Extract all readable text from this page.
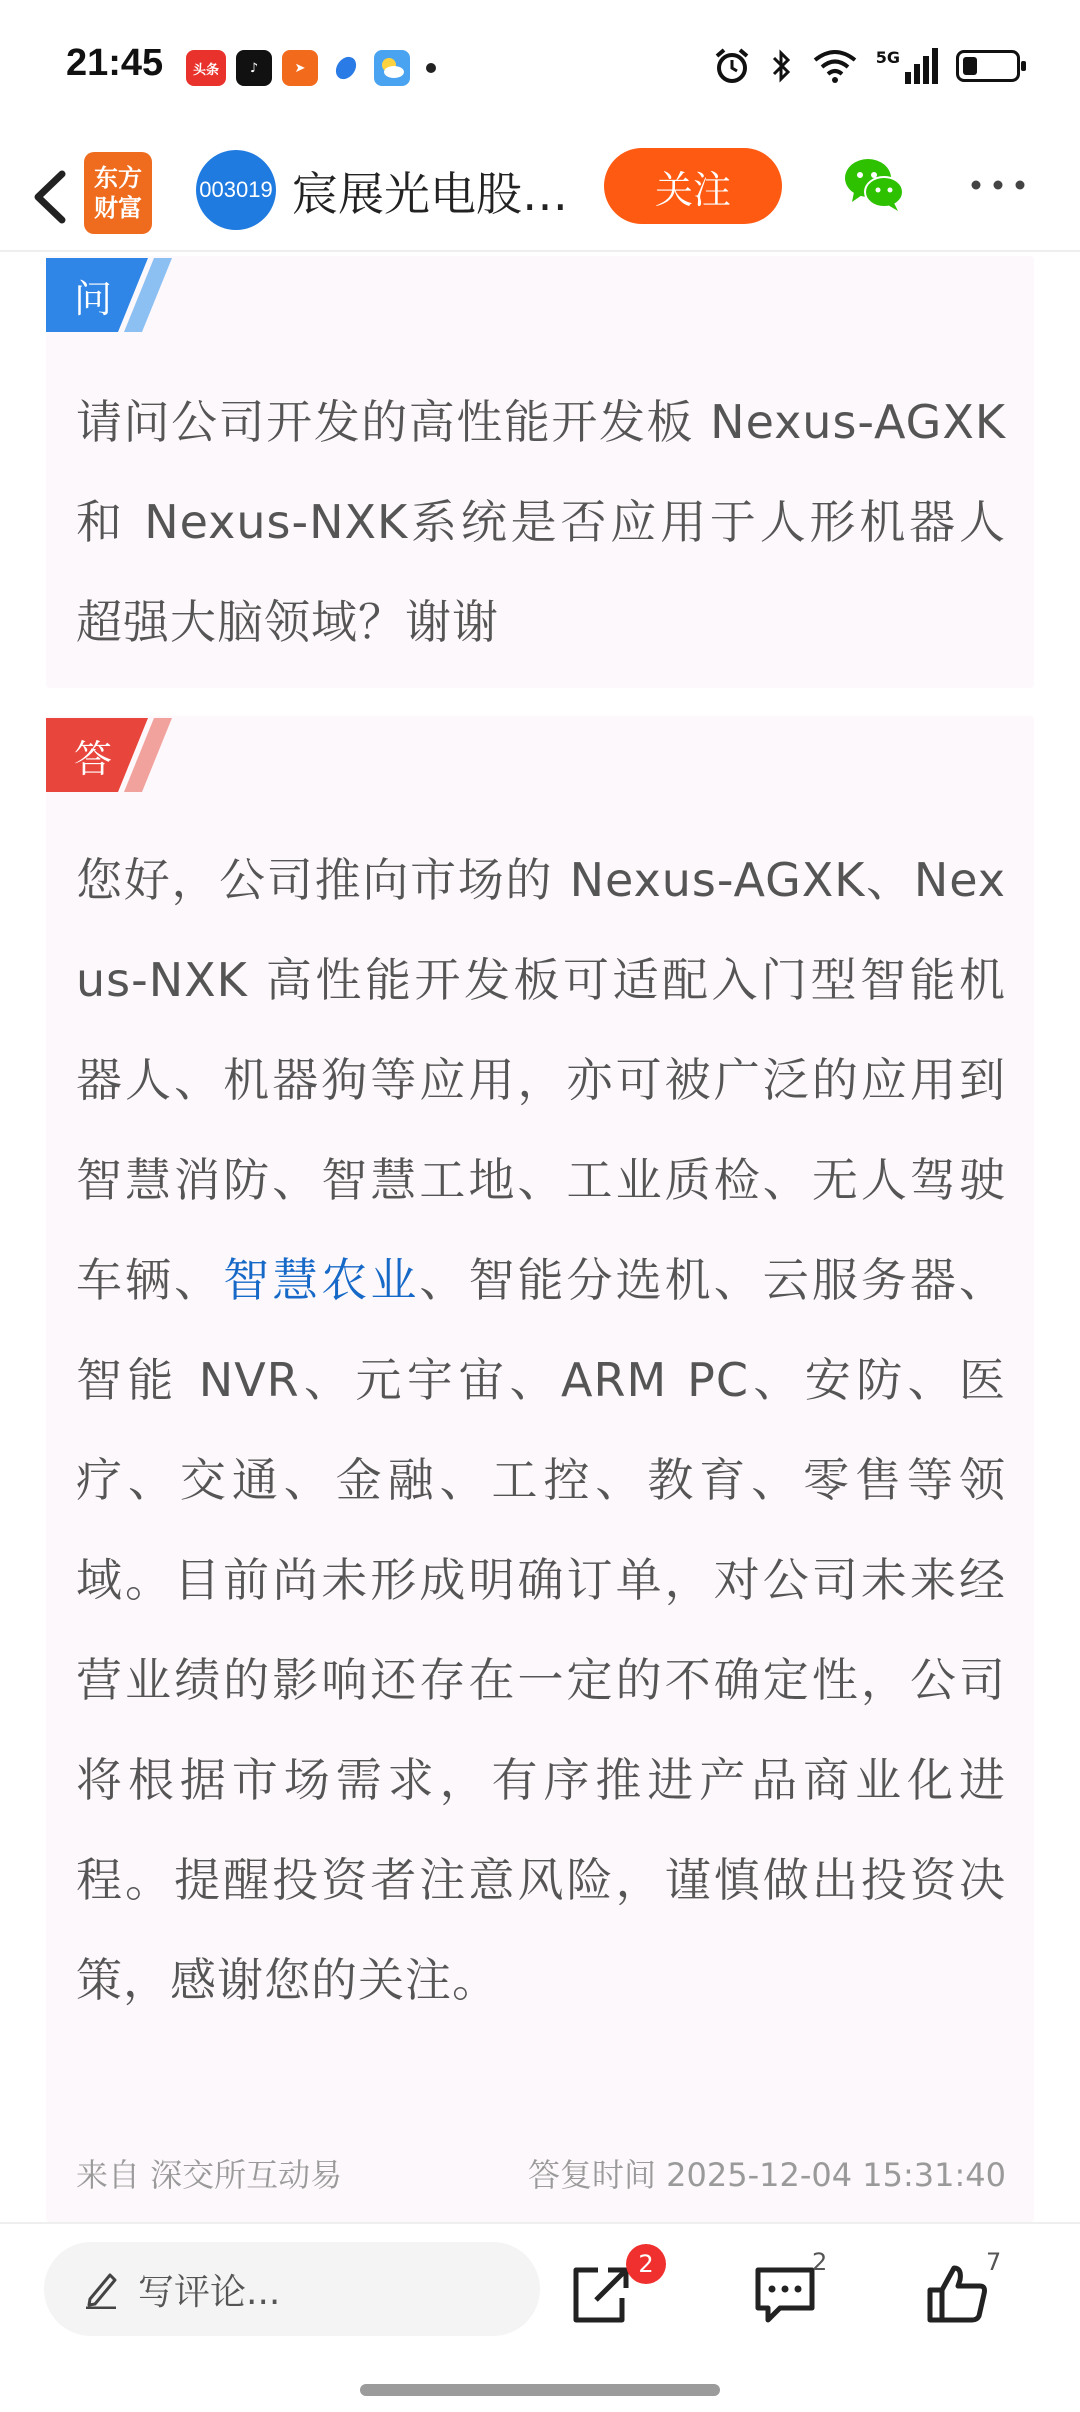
21:45	头条	♪	➤
5G
东方
财富
003019 宸展光电股…	关注
问
请问公司开发的高性能开发板 Nexus-AGXK 和 Nexus-NXK系统是否应用于人形机器人超强大脑领域？谢谢
答
您好，公司推向市场的 Nexus-AGXK、Nexus-NXK 高性能开发板可适配入门型智能机器人、机器狗等应用，亦可被广泛的应用到智慧消防、智慧工地、工业质检、无人驾驶车辆、智慧农业、智能分选机、云服务器、智能 NVR、元宇宙、ARM PC、安防、医疗、交通、金融、工控、教育、零售等领域。目前尚未形成明确订单，对公司未来经营业绩的影响还存在一定的不确定性，公司将根据市场需求，有序推进产品商业化进程。提醒投资者注意风险，谨慎做出投资决策，感谢您的关注。
来自 深交所互动易	答复时间 2025-12-04 15:31:40
写评论...
2	2	7
